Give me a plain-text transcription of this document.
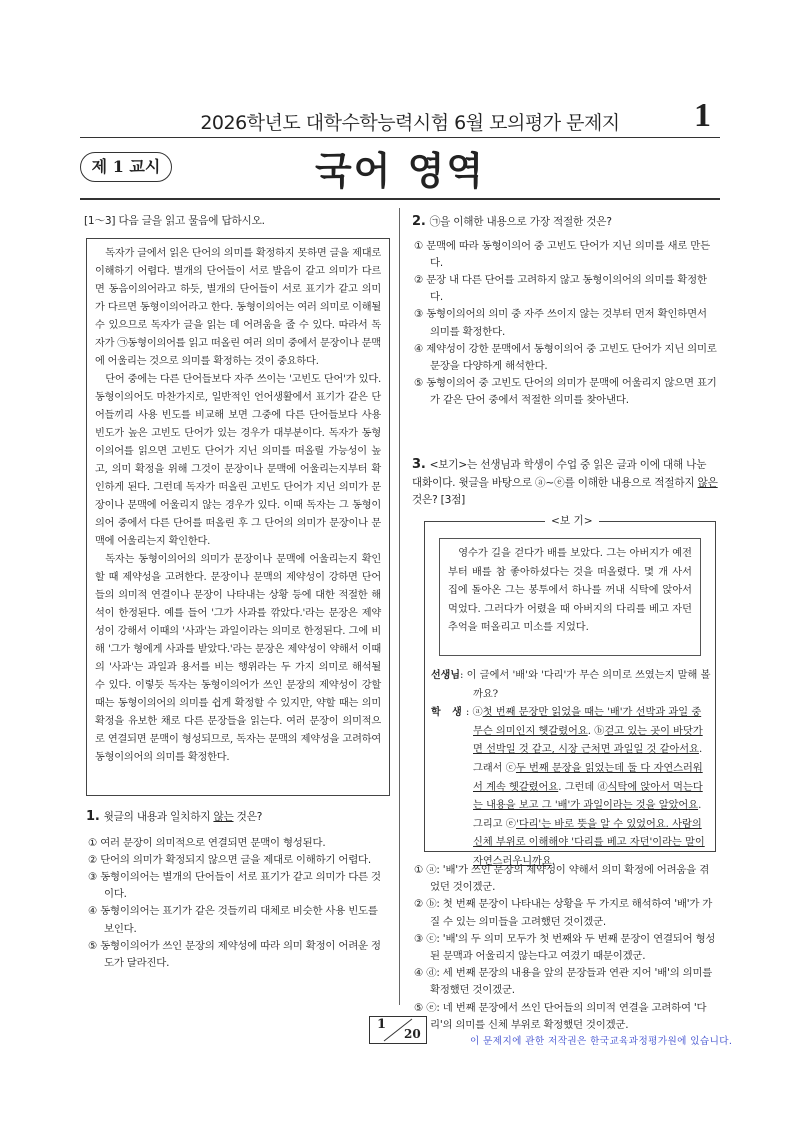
2026학년도 대학수학능력시험 6월 모의평가 문제지 1
제 1 교시	국어 영역
[1～3] 다음 글을 읽고 물음에 답하시오.

독자가 글에서 읽은 단어의 의미를 확정하지 못하면 글을 제대로 이해하기 어렵다. 별개의 단어들이 서로 발음이 같고 의미가 다르면 동음이의어라고 하듯, 별개의 단어들이 서로 표기가 같고 의미가 다르면 동형이의어라고 한다. 동형이의어는 여러 의미로 이해될 수 있으므로 독자가 글을 읽는 데 어려움을 줄 수 있다. 따라서 독자가 ㉠동형이의어를 읽고 떠올린 여러 의미 중에서 문장이나 문맥에 어울리는 것으로 의미를 확정하는 것이 중요하다.

단어 중에는 다른 단어들보다 자주 쓰이는 '고빈도 단어'가 있다. 동형이의어도 마찬가지로, 일반적인 언어생활에서 표기가 같은 단어들끼리 사용 빈도를 비교해 보면 그중에 다른 단어들보다 사용 빈도가 높은 고빈도 단어가 있는 경우가 대부분이다. 독자가 동형이의어를 읽으면 고빈도 단어가 지닌 의미를 떠올릴 가능성이 높고, 의미 확정을 위해 그것이 문장이나 문맥에 어울리는지부터 확인하게 된다. 그런데 독자가 떠올린 고빈도 단어가 지닌 의미가 문장이나 문맥에 어울리지 않는 경우가 있다. 이때 독자는 그 동형이의어 중에서 다른 단어를 떠올린 후 그 단어의 의미가 문장이나 문맥에 어울리는지 확인한다.

독자는 동형이의어의 의미가 문장이나 문맥에 어울리는지 확인할 때 제약성을 고려한다. 문장이나 문맥의 제약성이 강하면 단어들의 의미적 연결이나 문장이 나타내는 상황 등에 대한 적절한 해석이 한정된다. 예를 들어 '그가 사과를 깎았다.'라는 문장은 제약성이 강해서 이때의 '사과'는 과일이라는 의미로 한정된다. 그에 비해 '그가 형에게 사과를 받았다.'라는 문장은 제약성이 약해서 이때의 '사과'는 과일과 용서를 비는 행위라는 두 가지 의미로 해석될 수 있다. 이렇듯 독자는 동형이의어가 쓰인 문장의 제약성이 강할 때는 동형이의어의 의미를 쉽게 확정할 수 있지만, 약할 때는 의미 확정을 유보한 채로 다른 문장들을 읽는다. 여러 문장이 의미적으로 연결되면 문맥이 형성되므로, 독자는 문맥의 제약성을 고려하여 동형이의어의 의미를 확정한다.

1. 윗글의 내용과 일치하지 않는 것은?

① 여러 문장이 의미적으로 연결되면 문맥이 형성된다.

② 단어의 의미가 확정되지 않으면 글을 제대로 이해하기 어렵다.

③ 동형이의어는 별개의 단어들이 서로 표기가 같고 의미가 다른 것이다.

④ 동형이의어는 표기가 같은 것들끼리 대체로 비슷한 사용 빈도를 보인다.

⑤ 동형이의어가 쓰인 문장의 제약성에 따라 의미 확정이 어려운 정도가 달라진다.

2. ㉠을 이해한 내용으로 가장 적절한 것은?

① 문맥에 따라 동형이의어 중 고빈도 단어가 지닌 의미를 새로 만든다.

② 문장 내 다른 단어를 고려하지 않고 동형이의어의 의미를 확정한다.

③ 동형이의어의 의미 중 자주 쓰이지 않는 것부터 먼저 확인하면서 의미를 확정한다.

④ 제약성이 강한 문맥에서 동형이의어 중 고빈도 단어가 지닌 의미로 문장을 다양하게 해석한다.

⑤ 동형이의어 중 고빈도 단어의 의미가 문맥에 어울리지 않으면 표기가 같은 단어 중에서 적절한 의미를 찾아낸다.

3. <보기>는 선생님과 학생이 수업 중 읽은 글과 이에 대해 나눈 대화이다. 윗글을 바탕으로 ⓐ~ⓔ를 이해한 내용으로 적절하지 않은 것은? [3점]

<보 기>
영수가 길을 걷다가 배를 보았다. 그는 아버지가 예전부터 배를 참 좋아하셨다는 것을 떠올렸다. 몇 개 사서 집에 돌아온 그는 봉투에서 하나를 꺼내 식탁에 앉아서 먹었다. 그러다가 어렸을 때 아버지의 다리를 베고 자던 추억을 떠올리고 미소를 지었다.

선생님: 이 글에서 '배'와 '다리'가 무슨 의미로 쓰였는지 말해 볼까요?

학 생: ⓐ첫 번째 문장만 읽었을 때는 '배'가 선박과 과일 중 무슨 의미인지 헷갈렸어요. ⓑ걷고 있는 곳이 바닷가면 선박일 것 같고, 시장 근처면 과일일 것 같아서요. 그래서 ⓒ두 번째 문장을 읽었는데 둘 다 자연스러워서 계속 헷갈렸어요. 그런데 ⓓ식탁에 앉아서 먹는다는 내용을 보고 그 '배'가 과일이라는 것을 알았어요. 그리고 ⓔ'다리'는 바로 뜻을 알 수 있었어요. 사람의 신체 부위로 이해해야 '다리를 베고 자던'이라는 말이 자연스러우니까요.

① ⓐ: '배'가 쓰인 문장의 제약성이 약해서 의미 확정에 어려움을 겪었던 것이겠군.

② ⓑ: 첫 번째 문장이 나타내는 상황을 두 가지로 해석하여 '배'가 가질 수 있는 의미들을 고려했던 것이겠군.

③ ⓒ: '배'의 두 의미 모두가 첫 번째와 두 번째 문장이 연결되어 형성된 문맥과 어울리지 않는다고 여겼기 때문이겠군.

④ ⓓ: 세 번째 문장의 내용을 앞의 문장들과 연관 지어 '배'의 의미를 확정했던 것이겠군.

⑤ ⓔ: 네 번째 문장에서 쓰인 단어들의 의미적 연결을 고려하여 '다리'의 의미를 신체 부위로 확정했던 것이겠군.

1
20
이 문제지에 관한 저작권은 한국교육과정평가원에 있습니다.
